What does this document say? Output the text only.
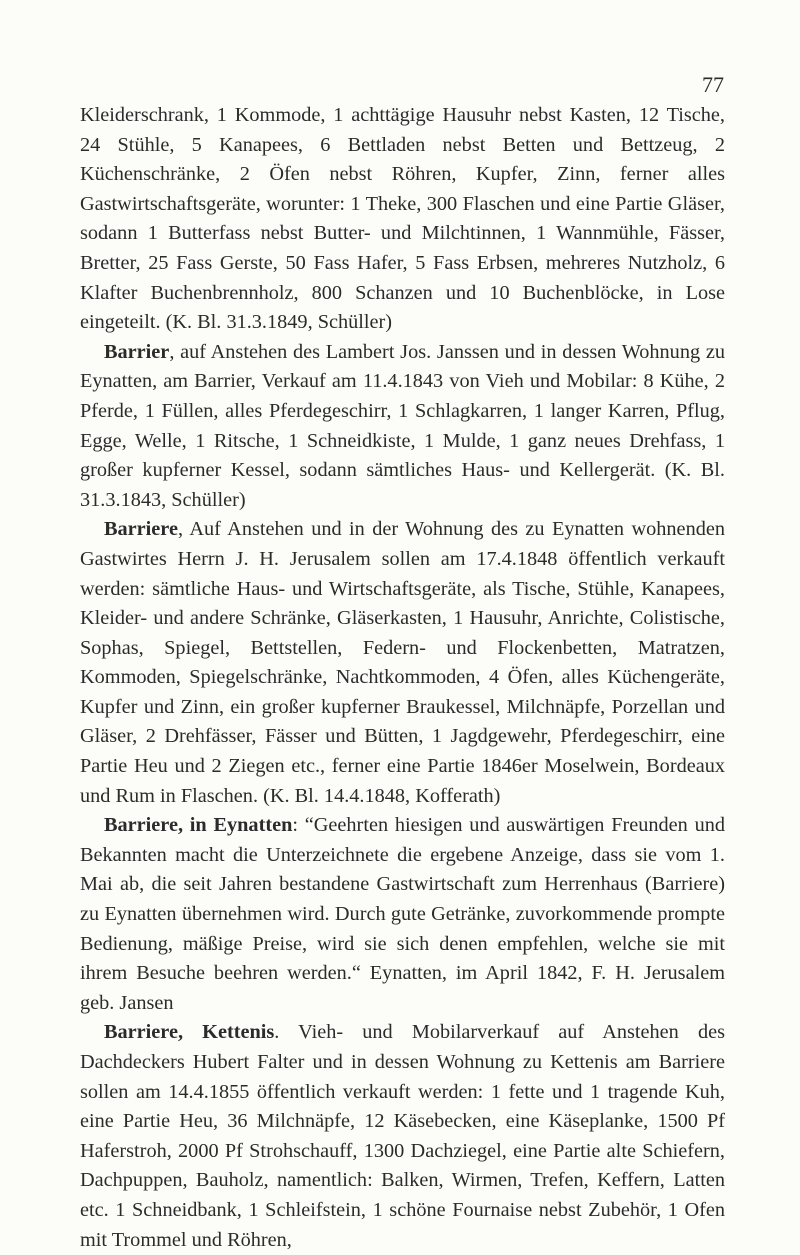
77

Kleiderschrank, 1 Kommode, 1 achttägige Hausuhr nebst Kasten, 12 Tische, 24 Stühle, 5 Kanapees, 6 Bettladen nebst Betten und Bettzeug, 2 Küchenschränke, 2 Öfen nebst Röhren, Kupfer, Zinn, ferner alles Gastwirtschaftsgeräte, worunter: 1 Theke, 300 Flaschen und eine Partie Gläser, sodann 1 Butterfass nebst Butter- und Milchtinnen, 1 Wannmühle, Fässer, Bretter, 25 Fass Gerste, 50 Fass Hafer, 5 Fass Erbsen, mehreres Nutzholz, 6 Klafter Buchenbrennholz, 800 Schanzen und 10 Buchenblöcke, in Lose eingeteilt. (K. Bl. 31.3.1849, Schüller)

Barrier, auf Anstehen des Lambert Jos. Janssen und in dessen Wohnung zu Eynatten, am Barrier, Verkauf am 11.4.1843 von Vieh und Mobilar: 8 Kühe, 2 Pferde, 1 Füllen, alles Pferdegeschirr, 1 Schlagkarren, 1 langer Karren, Pflug, Egge, Welle, 1 Ritsche, 1 Schneidkiste, 1 Mulde, 1 ganz neues Drehfass, 1 großer kupferner Kessel, sodann sämtliches Haus- und Kellergerät. (K. Bl. 31.3.1843, Schüller)

Barriere, Auf Anstehen und in der Wohnung des zu Eynatten wohnenden Gastwirtes Herrn J. H. Jerusalem sollen am 17.4.1848 öffentlich verkauft werden: sämtliche Haus- und Wirtschaftsgeräte, als Tische, Stühle, Kanapees, Kleider- und andere Schränke, Gläserkasten, 1 Hausuhr, Anrichte, Colistische, Sophas, Spiegel, Bettstellen, Federn- und Flockenbetten, Matratzen, Kommoden, Spiegelschränke, Nachtkommoden, 4 Öfen, alles Küchengeräte, Kupfer und Zinn, ein großer kupferner Braukessel, Milchnäpfe, Porzellan und Gläser, 2 Drehfässer, Fässer und Bütten, 1 Jagdgewehr, Pferdegeschirr, eine Partie Heu und 2 Ziegen etc., ferner eine Partie 1846er Moselwein, Bordeaux und Rum in Flaschen. (K. Bl. 14.4.1848, Kofferath)

Barriere, in Eynatten: “Geehrten hiesigen und auswärtigen Freunden und Bekannten macht die Unterzeichnete die ergebene Anzeige, dass sie vom 1. Mai ab, die seit Jahren bestandene Gastwirtschaft zum Herrenhaus (Barriere) zu Eynatten übernehmen wird. Durch gute Getränke, zuvorkommende prompte Bedienung, mäßige Preise, wird sie sich denen empfehlen, welche sie mit ihrem Besuche beehren werden.“ Eynatten, im April 1842, F. H. Jerusalem geb. Jansen

Barriere, Kettenis. Vieh- und Mobilarverkauf auf Anstehen des Dachdeckers Hubert Falter und in dessen Wohnung zu Kettenis am Barriere sollen am 14.4.1855 öffentlich verkauft werden: 1 fette und 1 tragende Kuh, eine Partie Heu, 36 Milchnäpfe, 12 Käsebecken, eine Käseplanke, 1500 Pf Haferstroh, 2000 Pf Strohschauff, 1300 Dachziegel, eine Partie alte Schiefern, Dachpuppen, Bauholz, namentlich: Balken, Wirmen, Trefen, Keffern, Latten etc. 1 Schneidbank, 1 Schleifstein, 1 schöne Fournaise nebst Zubehör, 1 Ofen mit Trommel und Röhren,
